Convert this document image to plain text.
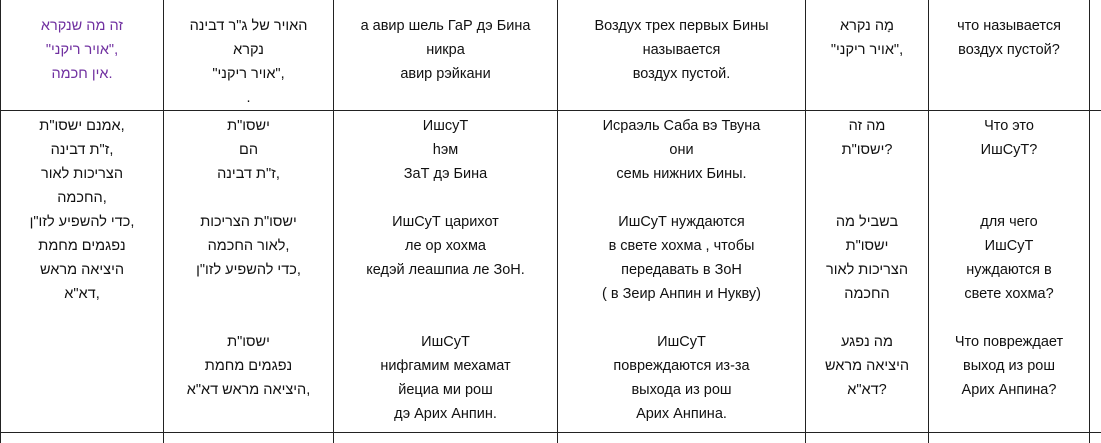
זה מה שנקרא
"אויר ריקני",
אין חכמה.
האויר של ג"ר דבינה
נקרא
"אויר ריקני",
.
а авир шель ГаР дэ Бина
никра
авир рэйкани
Воздух трех первых Бины
называется
воздух пустой.
מָה נקרא
"אויר ריקני",
что называется
воздух пустой?
אמנם ישסו"ת,
ז"ת דבינה,
הצריכות לאור
החכמה,
כדי להשפיע לזו"ן,
נפגמים מחמת
היציאה מראש
דא"א,
ישסו"ת
הם
ז"ת דבינה,
ישסו"ת הצריכות
לאור החכמה,
כדי להשפיע לזו"ן,
ישסו"ת
נפגמים מחמת
היציאה מראש דא"א,
ИшсуТ
hэм
ЗаТ дэ Бина
ИшСуТ царихот
ле ор хохма
кедэй леашпиа ле ЗоН.
ИшСуТ
нифгамим мехамат
йециа ми рош
дэ Арих Анпин.
Исраэль Саба вэ Твуна
они
семь нижних Бины.
ИшСуТ нуждаются
в свете хохма , чтобы
передавать в ЗоН
( в Зеир Анпин и Нукву)
ИшСуТ
повреждаются из-за
выхода из рош
Арих Анпина.
מה זה
ישסו"ת?
בשביל מה
ישסו"ת
הצריכות לאור
החכמה
מה נפגע
היציאה מראש
דא"א?
Что это
ИшСуТ?
для чего
ИшСуТ
нуждаются в
свете хохма?
Что повреждает
выход из рош
Арих Анпина?
